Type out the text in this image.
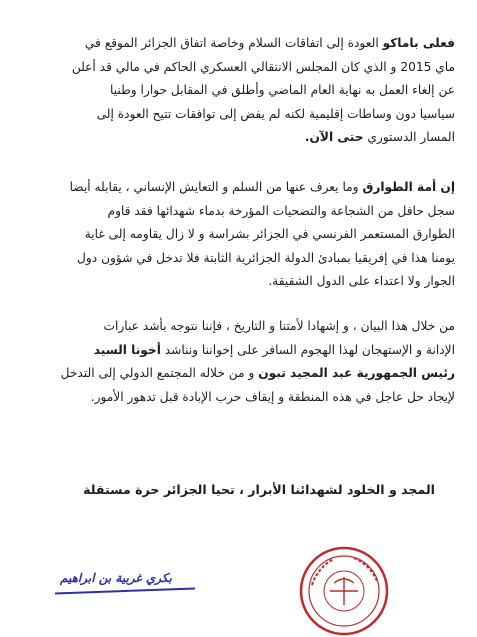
فعلى باماكو العودة إلى اتفاقات السلام وخاصة اتفاق الجزائر الموقع في
ماي 2015 و الذي كان المجلس الانتقالي العسكري الحاكم في مالي قد أعلن
عن إلغاء العمل به نهاية العام الماضي وأطلق في المقابل حوارا وطنيا
سياسيا دون وساطات إقليمية لكنه لم يفض إلى توافقات تتيح العودة إلى
المسار الدستوري حتى الآن.
إن أمة الطوارق وما يعرف عنها من السلم و التعايش الإنساني ، يقابله أيضا
سجل حافل من الشجاعة والتضحيات المؤرخة بدماء شهدائها فقد قاوم
الطوارق المستعمر الفرنسي في الجزائر بشراسة و لا زال يقاومه إلى غاية
يومنا هذا في إفريقيا بمبادئ الدولة الجزائرية الثابتة فلا تدخل في شؤون دول
الجوار ولا اعتداء على الدول الشقيقة.
من خلال هذا البيان ، و إشهادا لأمتنا و التاريخ ، فإننا نتوجه بأشد عبارات
الإدانة و الإستهجان لهذا الهجوم السافر على إخواننا ونناشد أخونا السيد
رئيس الجمهورية عبد المجيد تبون و من خلاله المجتمع الدولي إلى التدخل
لإيجاد حل عاجل في هذه المنطقة و إيقاف حرب الإبادة قبل تدهور الأمور.
المجد و الخلود لشهدائنا الأبرار ، تحيا الجزائر حرة مستقلة
بكري غربية بن ابراهيم
